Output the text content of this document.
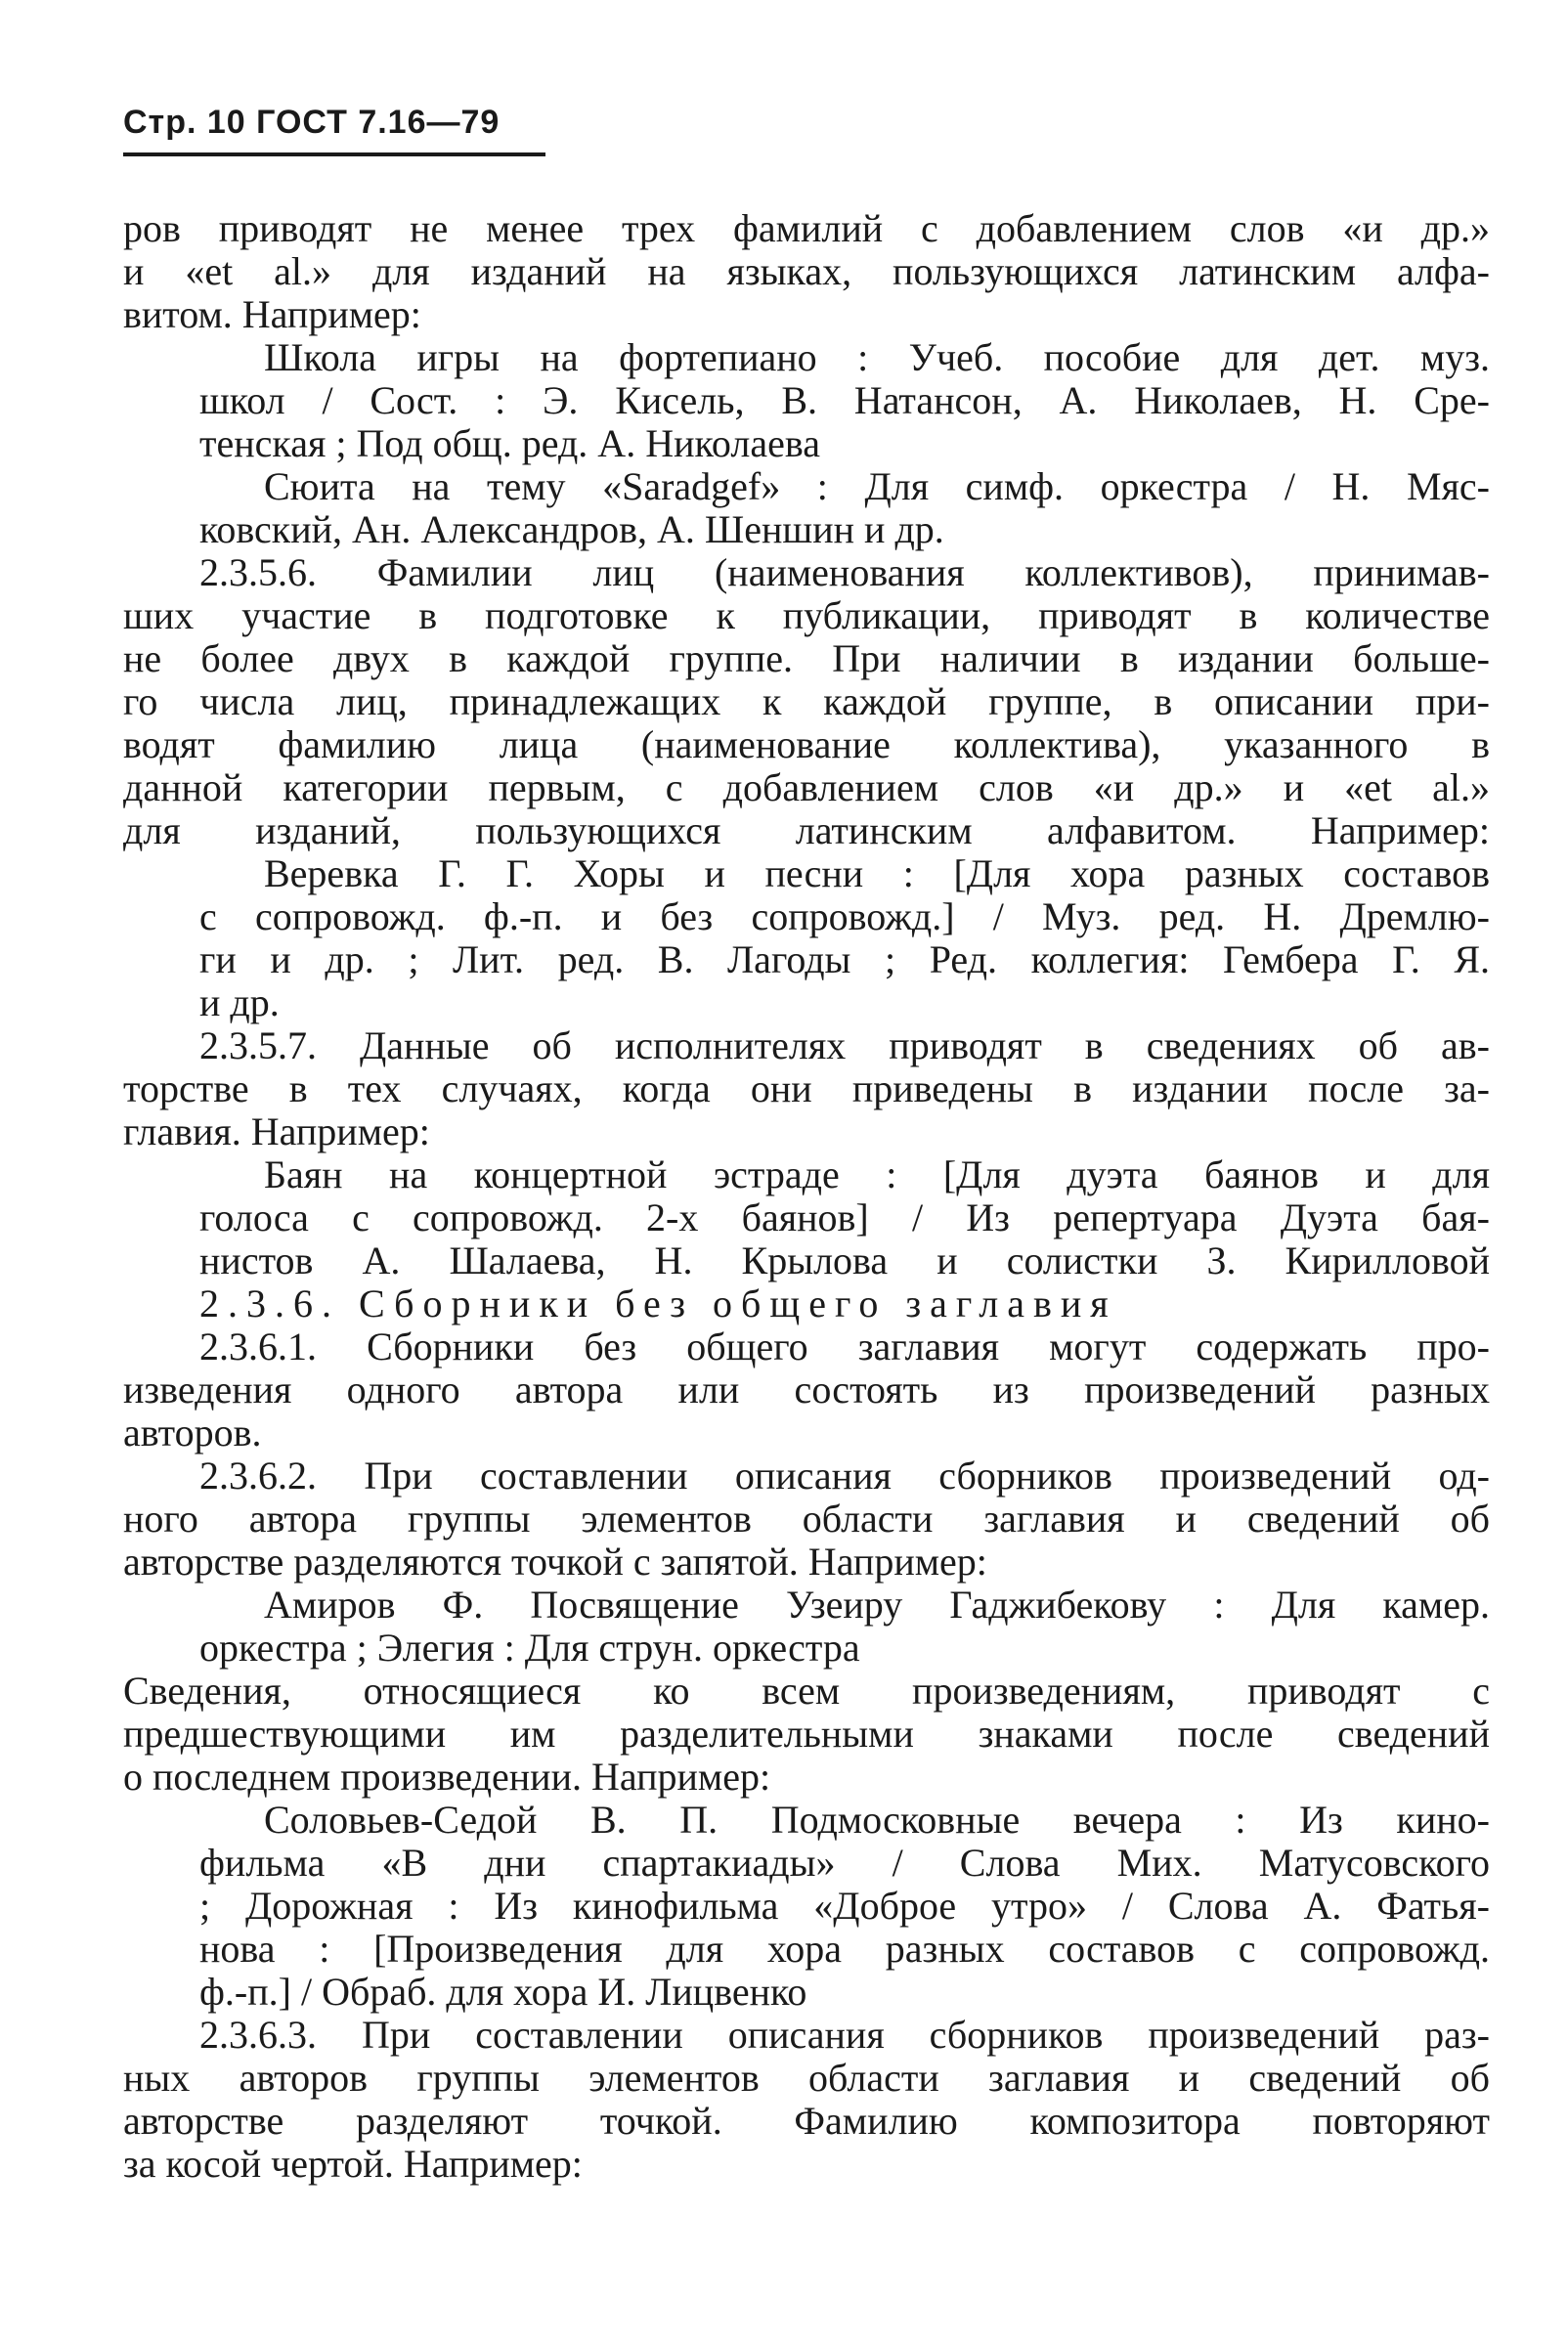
Стр. 10 ГОСТ 7.16—79
ров приводят не менее трех фамилий с добавлением слов «и др.»
и «et al.» для изданий на языках, пользующихся латинским алфа-
витом. Например:
Школа игры на фортепиано : Учеб. пособие для дет. муз.
школ / Сост. : Э. Кисель, В. Натансон, А. Николаев, Н. Сре-
тенская ; Под общ. ред. А. Николаева
Сюита на тему «Saradgef» : Для симф. оркестра / Н. Мяс-
ковский, Ан. Александров, А. Шеншин и др.
2.3.5.6. Фамилии лиц (наименования коллективов), принимав-
ших участие в подготовке к публикации, приводят в количестве
не более двух в каждой группе. При наличии в издании больше-
го числа лиц, принадлежащих к каждой группе, в описании при-
водят фамилию лица (наименование коллектива), указанного в
данной категории первым, с добавлением слов «и др.» и «et al.»
для изданий, пользующихся латинским алфавитом. Например:
Веревка Г. Г. Хоры и песни : [Для хора разных составов
с сопровожд. ф.-п. и без сопровожд.] / Муз. ред. Н. Дремлю-
ги и др. ; Лит. ред. В. Лагоды ; Ред. коллегия: Гембера Г. Я.
и др.
2.3.5.7. Данные об исполнителях приводят в сведениях об ав-
торстве в тех случаях, когда они приведены в издании после за-
главия. Например:
Баян на концертной эстраде : [Для дуэта баянов и для
голоса с сопровожд. 2-х баянов] / Из репертуара Дуэта бая-
нистов А. Шалаева, Н. Крылова и солистки З. Кирилловой
2.3.6. Сборники без общего заглавия
2.3.6.1. Сборники без общего заглавия могут содержать про-
изведения одного автора или состоять из произведений разных
авторов.
2.3.6.2. При составлении описания сборников произведений од-
ного автора группы элементов области заглавия и сведений об
авторстве разделяются точкой с запятой. Например:
Амиров Ф. Посвящение Узеиру Гаджибекову : Для камер.
оркестра ; Элегия : Для струн. оркестра
Сведения, относящиеся ко всем произведениям, приводят с
предшествующими им разделительными знаками после сведений
о последнем произведении. Например:
Соловьев-Седой В. П. Подмосковные вечера : Из кино-
фильма «В дни спартакиады» / Слова Мих. Матусовского
; Дорожная : Из кинофильма «Доброе утро» / Слова А. Фатья-
нова : [Произведения для хора разных составов с сопровожд.
ф.-п.] / Обраб. для хора И. Лицвенко
2.3.6.3. При составлении описания сборников произведений раз-
ных авторов группы элементов области заглавия и сведений об
авторстве разделяют точкой. Фамилию композитора повторяют
за косой чертой. Например:
